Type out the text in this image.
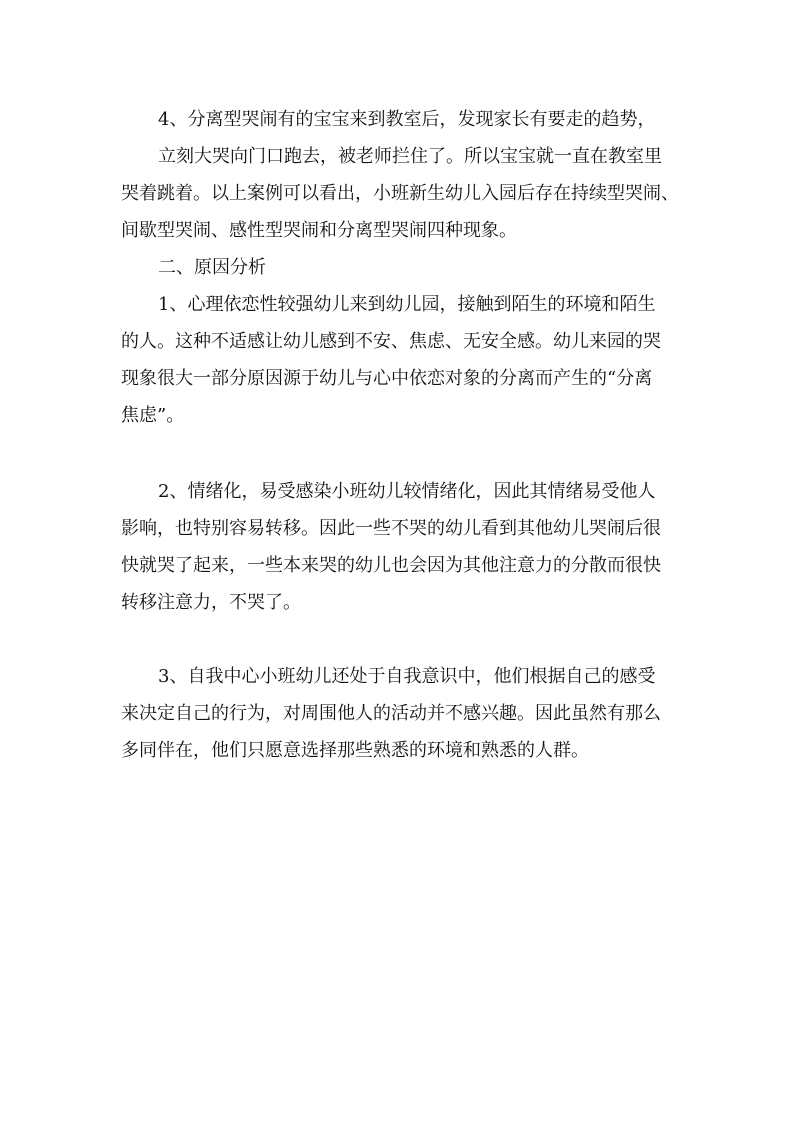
4、分离型哭闹有的宝宝来到教室后，发现家长有要走的趋势，

立刻大哭向门口跑去，被老师拦住了。所以宝宝就一直在教室里

哭着跳着。以上案例可以看出，小班新生幼儿入园后存在持续型哭闹、

间歇型哭闹、感性型哭闹和分离型哭闹四种现象。

二、原因分析

1、心理依恋性较强幼儿来到幼儿园，接触到陌生的环境和陌生

的人。这种不适感让幼儿感到不安、焦虑、无安全感。幼儿来园的哭

现象很大一部分原因源于幼儿与心中依恋对象的分离而产生的“分离

焦虑”。

2、情绪化，易受感染小班幼儿较情绪化，因此其情绪易受他人

影响，也特别容易转移。因此一些不哭的幼儿看到其他幼儿哭闹后很

快就哭了起来，一些本来哭的幼儿也会因为其他注意力的分散而很快

转移注意力，不哭了。

3、自我中心小班幼儿还处于自我意识中，他们根据自己的感受

来决定自己的行为，对周围他人的活动并不感兴趣。因此虽然有那么

多同伴在，他们只愿意选择那些熟悉的环境和熟悉的人群。
